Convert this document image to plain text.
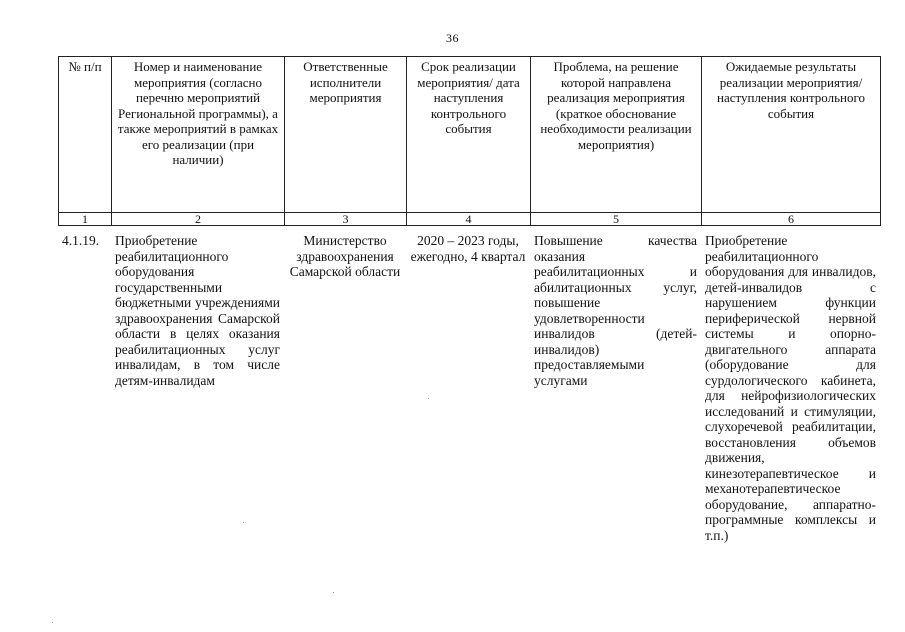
36
№ п/п	Номер и наименование мероприятия (согласно перечню мероприятий Региональной программы), а также мероприятий в рамках его реализации (при наличии)	Ответственные исполнители мероприятия	Срок реализации мероприятия/ дата наступления контрольного события	Проблема, на решение которой направлена реализация мероприятия (краткое обоснование необходимости реализации мероприятия)	Ожидаемые результаты реализации мероприятия/ наступления контрольного события
1	2	3	4	5	6
4.1.19.	Приобретение реабилитационного оборудования государственными бюджетными учреждениями здравоохранения Самарской области в целях оказания реабилитационных услуг инвалидам, в том числе детям-инвалидам	Министерство здравоохранения Самарской области	2020 – 2023 годы, ежегодно, 4 квартал	Повышение качества оказания реабилитационных и абилитационных услуг, повышение удовлетворенности инвалидов (детей-инвалидов) предоставляемыми услугами	Приобретение реабилитационного оборудования для инвалидов, детей-инвалидов с нарушением функции периферической нервной системы и опорно-двигательного аппарата (оборудование для сурдологического кабинета, для нейрофизиологических исследований и стимуляции, слухоречевой реабилитации, восстановления объемов движения, кинезотерапевтическое и механотерапевтическое оборудование, аппаратно-программные комплексы и т.п.)
